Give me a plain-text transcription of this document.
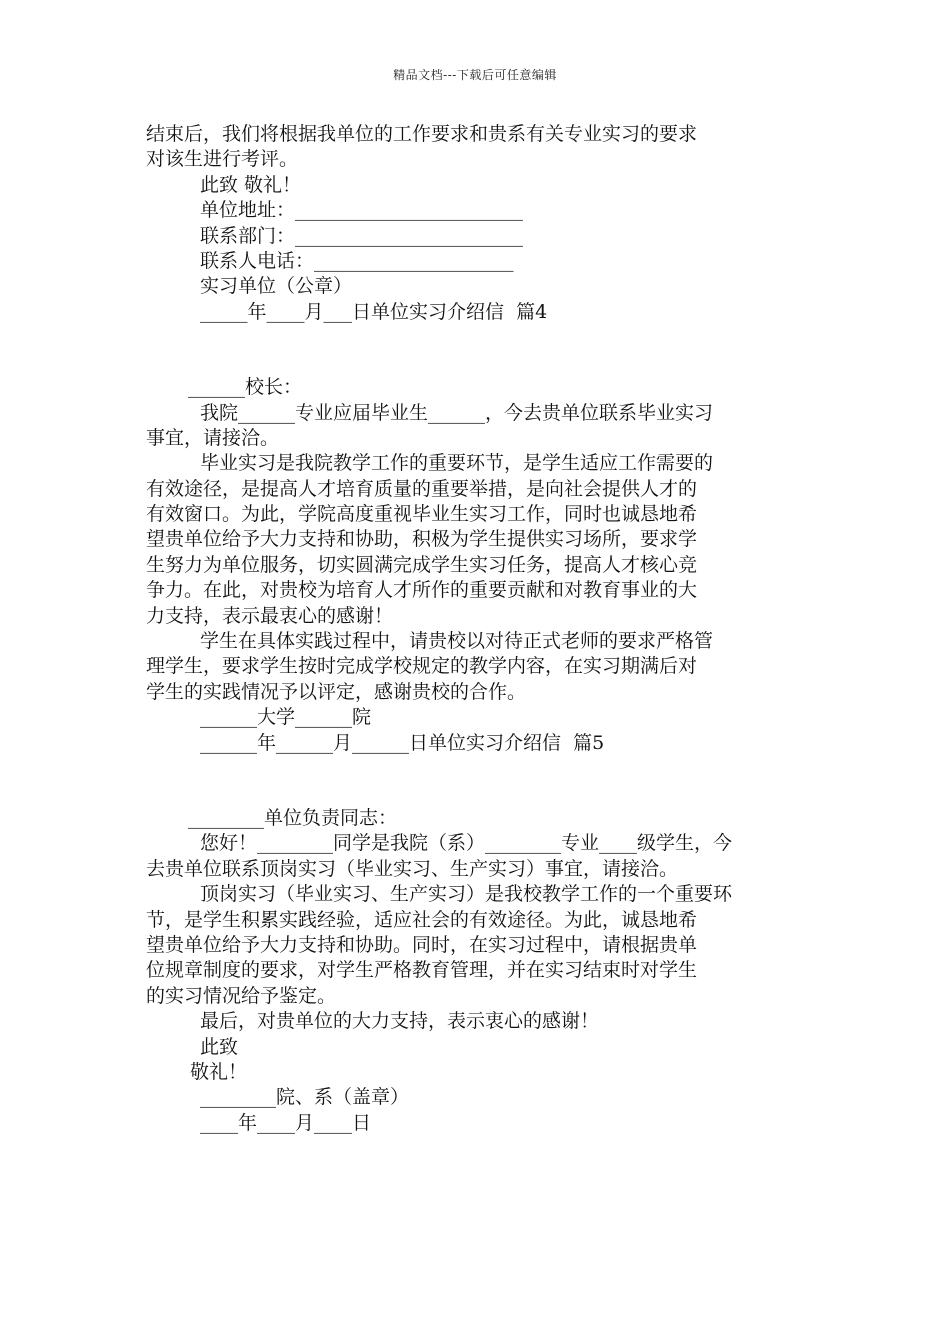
精品文档---下载后可任意编辑
结束后，我们将根据我单位的工作要求和贵系有关专业实习的要求
对该生进行考评。
此致 敬礼！
单位地址：________________________
联系部门：________________________
联系人电话：_____________________
实习单位（公章）
_____年____月___日单位实习介绍信  篇4
______校长：
我院______专业应届毕业生______，今去贵单位联系毕业实习
事宜，请接洽。
毕业实习是我院教学工作的重要环节，是学生适应工作需要的
有效途径，是提高人才培育质量的重要举措，是向社会提供人才的
有效窗口。为此，学院高度重视毕业生实习工作，同时也诚恳地希
望贵单位给予大力支持和协助，积极为学生提供实习场所，要求学
生努力为单位服务，切实圆满完成学生实习任务，提高人才核心竞
争力。在此，对贵校为培育人才所作的重要贡献和对教育事业的大
力支持，表示最衷心的感谢！
学生在具体实践过程中，请贵校以对待正式老师的要求严格管
理学生，要求学生按时完成学校规定的教学内容，在实习期满后对
学生的实践情况予以评定，感谢贵校的合作。
______大学______院
______年______月______日单位实习介绍信  篇5
________单位负责同志：
您好！________同学是我院（系）________专业____级学生，今
去贵单位联系顶岗实习（毕业实习、生产实习）事宜，请接洽。
顶岗实习（毕业实习、生产实习）是我校教学工作的一个重要环
节，是学生积累实践经验，适应社会的有效途径。为此，诚恳地希
望贵单位给予大力支持和协助。同时，在实习过程中，请根据贵单
位规章制度的要求，对学生严格教育管理，并在实习结束时对学生
的实习情况给予鉴定。
最后，对贵单位的大力支持，表示衷心的感谢！
此致
敬礼！
________院、系（盖章）
____年____月____日
